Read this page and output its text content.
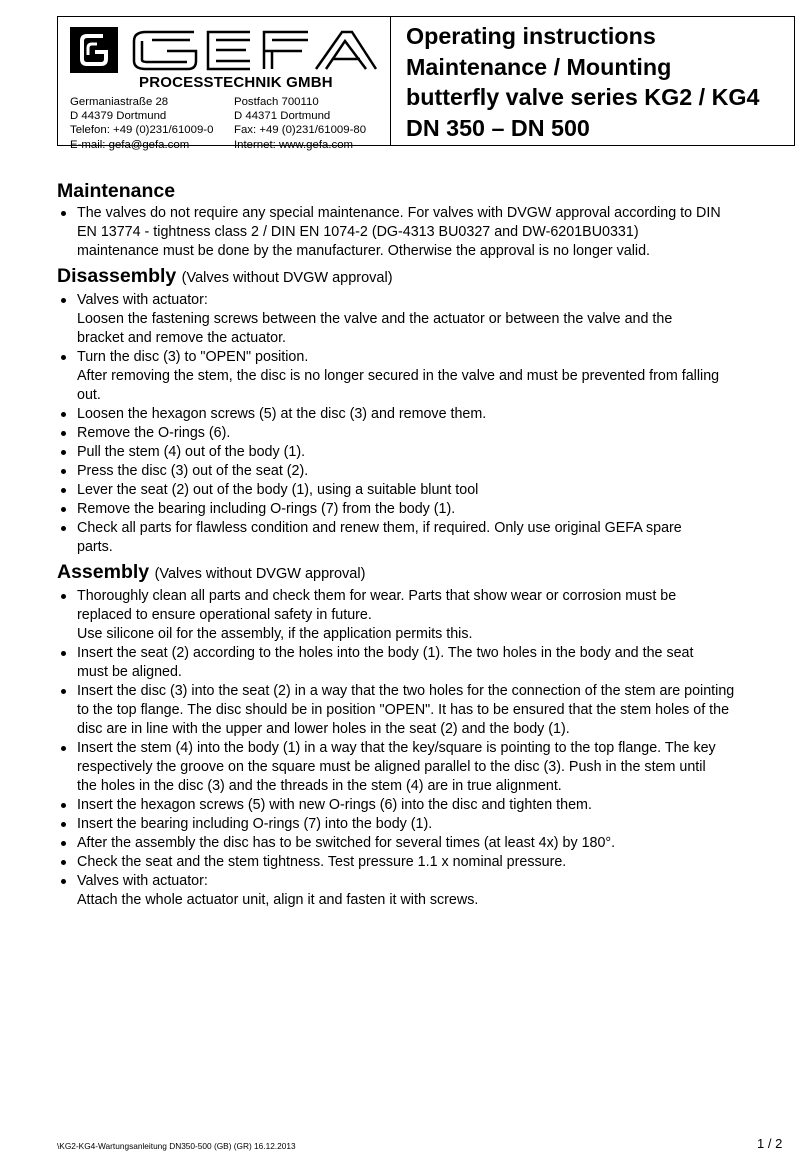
PROCESSTECHNIK GMBH
Germaniastraße 28
D 44379 Dortmund
Telefon: +49 (0)231/61009-0
E-mail: gefa@gefa.com
Postfach 700110
D 44371 Dortmund
Fax: +49 (0)231/61009-80
Internet: www.gefa.com
Operating instructions
Maintenance / Mounting
butterfly valve series KG2 / KG4
DN 350 – DN 500
Maintenance
The valves do not require any special maintenance. For valves with DVGW approval according to DIN
EN 13774 - tightness class 2 / DIN EN 1074-2 (DG-4313 BU0327 and DW-6201BU0331)
maintenance must be done by the manufacturer. Otherwise the approval is no longer valid.
Disassembly (Valves without DVGW approval)
Valves with actuator:
Loosen the fastening screws between the valve and the actuator or between the valve and the
bracket and remove the actuator.
Turn the disc (3) to "OPEN" position.
After removing the stem, the disc is no longer secured in the valve and must be prevented from falling
out.
Loosen the hexagon screws (5) at the disc (3) and remove them.
Remove the O-rings (6).
Pull the stem (4) out of the body (1).
Press the disc (3) out of the seat (2).
Lever the seat (2) out of the body (1), using a suitable blunt tool
Remove the bearing including O-rings (7) from the body (1).
Check all parts for flawless condition and renew them, if required. Only use original GEFA spare
parts.
Assembly (Valves without DVGW approval)
Thoroughly clean all parts and check them for wear. Parts that show wear or corrosion must be
replaced to ensure operational safety in future.
Use silicone oil for the assembly, if the application permits this.
Insert the seat (2) according to the holes into the body (1). The two holes in the body and the seat
must be aligned.
Insert the disc (3) into the seat (2) in a way that the two holes for the connection of the stem are pointing
to the top flange. The disc should be in position "OPEN". It has to be ensured that the stem holes of the
disc are in line with the upper and lower holes in the seat (2) and the body (1).
Insert the stem (4) into the body (1) in a way that the key/square is pointing to the top flange. The key
respectively the groove on the square must be aligned parallel to the disc (3). Push in the stem until
the holes in the disc (3) and the threads in the stem (4) are in true alignment.
Insert the hexagon screws (5) with new O-rings (6) into the disc and tighten them.
Insert the bearing including O-rings (7) into the body (1).
After the assembly the disc has to be switched for several times (at least 4x) by 180°.
Check the seat and the stem tightness. Test pressure 1.1 x nominal pressure.
Valves with actuator:
Attach the whole actuator unit, align it and fasten it with screws.
\KG2-KG4-Wartungsanleitung DN350-500 (GB) (GR) 16.12.2013	1 / 2
